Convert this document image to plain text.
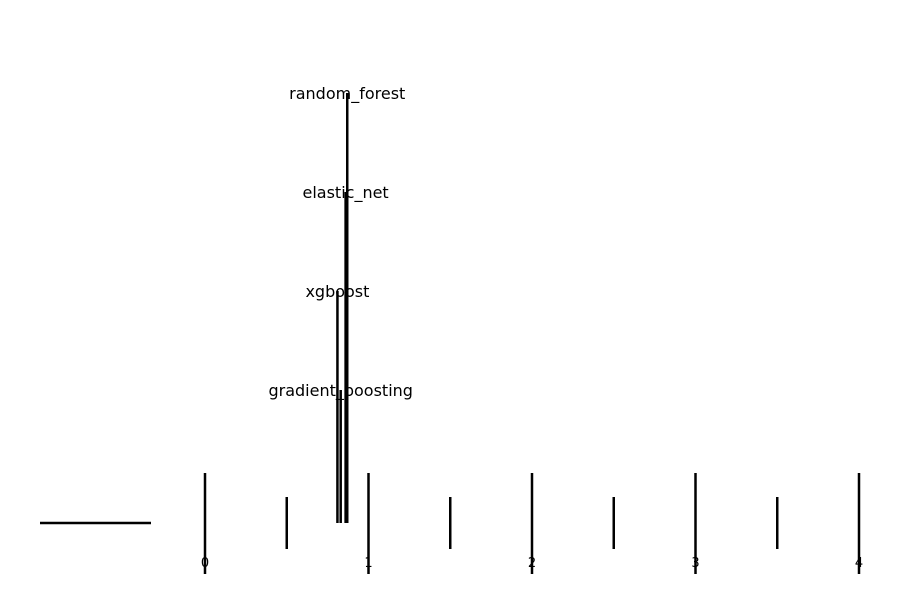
gradient_boosting
xgboost
elastic_net
random_forest
0	1	2	3	4
